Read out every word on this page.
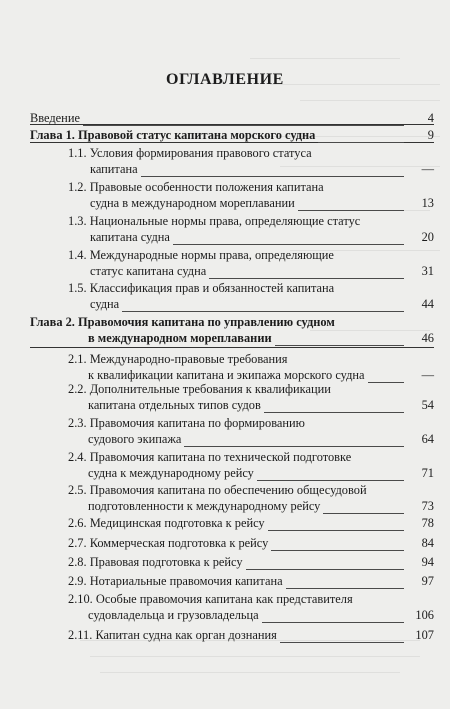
ОГЛАВЛЕНИЕ
Введение	4
Глава 1. Правовой статус капитана морского судна	9
1.1. Условия формирования правового статуса
капитана	—
1.2. Правовые особенности положения капитана
судна в международном мореплавании	13
1.3. Национальные нормы права, определяющие статус
капитана судна	20
1.4. Международные нормы права, определяющие
статус капитана судна	31
1.5. Классификация прав и обязанностей капитана
судна	44
Глава 2. Правомочия капитана по управлению судном
в международном мореплавании	46
2.1. Международно-правовые требования
к квалификации капитана и экипажа морского судна	—
2.2. Дополнительные требования к квалификации
капитана отдельных типов судов	54
2.3. Правомочия капитана по формированию
судового экипажа	64
2.4. Правомочия капитана по технической подготовке
судна к международному рейсу	71
2.5. Правомочия капитана по обеспечению общесудовой
подготовленности к международному рейсу	73
2.6. Медицинская подготовка к рейсу	78
2.7. Коммерческая подготовка к рейсу	84
2.8. Правовая подготовка к рейсу	94
2.9. Нотариальные правомочия капитана	97
2.10. Особые правомочия капитана как представителя
судовладельца и грузовладельца	106
2.11. Капитан судна как орган дознания	107
